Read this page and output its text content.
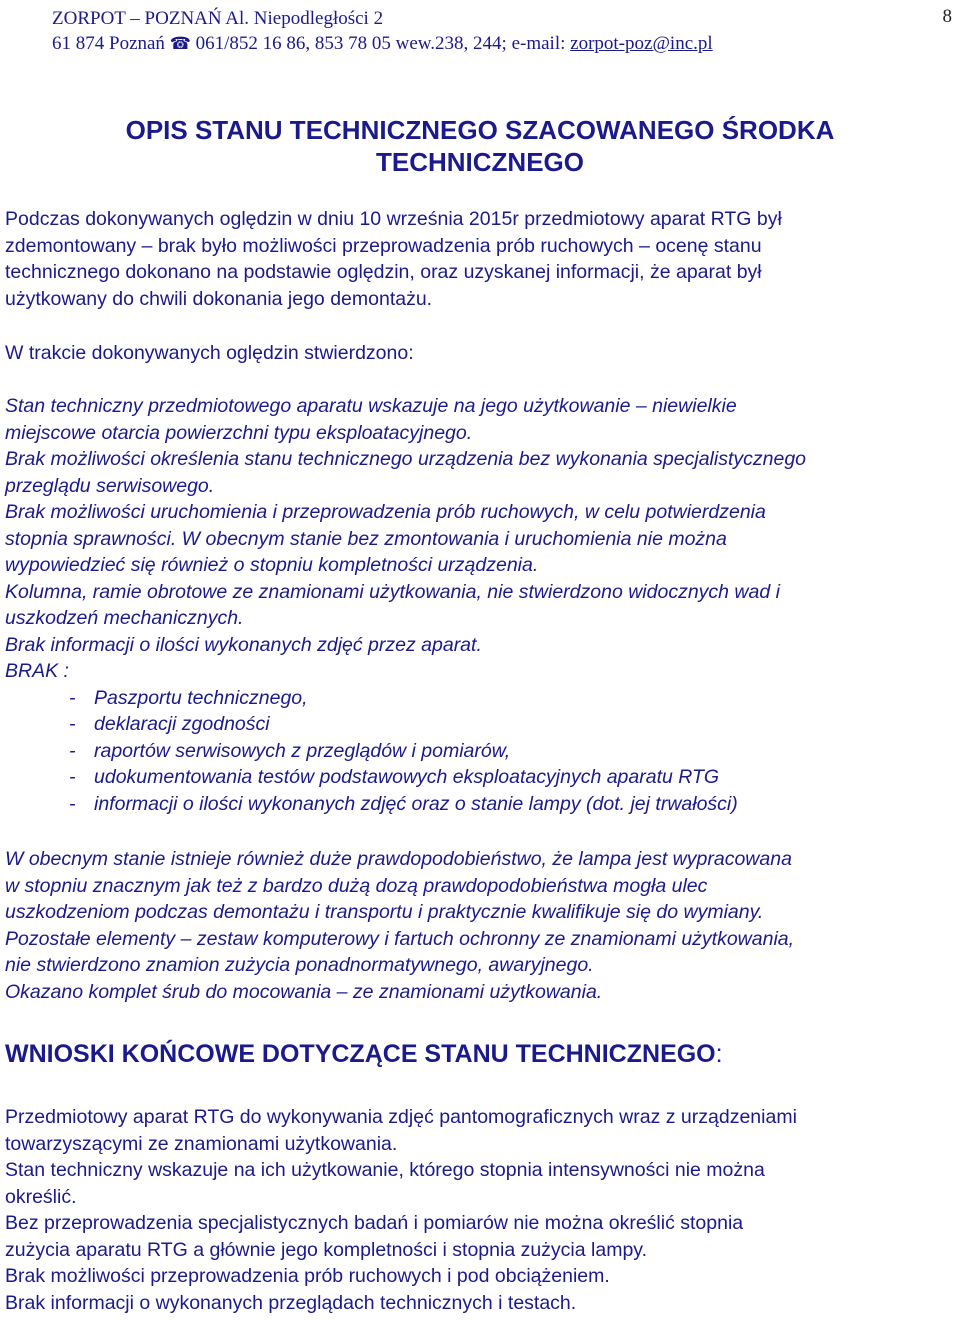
ZORPOT – POZNAŃ Al. Niepodległości 2
61 874 Poznań ☎ 061/852 16 86, 853 78 05 wew.238, 244; e-mail: zorpot-poz@inc.pl
8
OPIS STANU TECHNICZNEGO SZACOWANEGO ŚRODKA
TECHNICZNEGO
Podczas dokonywanych oględzin w dniu 10 września 2015r przedmiotowy aparat RTG był
zdemontowany – brak było możliwości przeprowadzenia prób ruchowych – ocenę stanu
technicznego dokonano na podstawie oględzin, oraz uzyskanej informacji, że aparat był
użytkowany do chwili dokonania jego demontażu.
W trakcie dokonywanych oględzin stwierdzono:
Stan techniczny przedmiotowego aparatu wskazuje na jego użytkowanie – niewielkie
miejscowe otarcia powierzchni typu eksploatacyjnego.
Brak możliwości określenia stanu technicznego urządzenia bez wykonania specjalistycznego
przeglądu serwisowego.
Brak możliwości uruchomienia i przeprowadzenia prób ruchowych, w celu potwierdzenia
stopnia sprawności. W obecnym stanie bez zmontowania i uruchomienia nie można
wypowiedzieć się również o stopniu kompletności urządzenia.
Kolumna, ramie obrotowe ze znamionami użytkowania, nie stwierdzono widocznych wad i
uszkodzeń mechanicznych.
Brak informacji o ilości wykonanych zdjęć przez aparat.
BRAK :
- Paszportu technicznego,
- deklaracji zgodności
- raportów serwisowych z przeglądów i pomiarów,
- udokumentowania testów podstawowych eksploatacyjnych aparatu RTG
- informacji o ilości wykonanych zdjęć oraz o stanie lampy (dot. jej trwałości)
W obecnym stanie istnieje również duże prawdopodobieństwo, że lampa jest wypracowana
w stopniu znacznym jak też z bardzo dużą dozą prawdopodobieństwa mogła ulec
uszkodzeniom podczas demontażu i transportu i praktycznie kwalifikuje się do wymiany.
Pozostałe elementy – zestaw komputerowy i fartuch ochronny ze znamionami użytkowania,
nie stwierdzono znamion zużycia ponadnormatywnego, awaryjnego.
Okazano komplet śrub do mocowania – ze znamionami użytkowania.
WNIOSKI KOŃCOWE DOTYCZĄCE STANU TECHNICZNEGO:
Przedmiotowy aparat RTG do wykonywania zdjęć pantomograficznych wraz z urządzeniami
towarzyszącymi ze znamionami użytkowania.
Stan techniczny wskazuje na ich użytkowanie, którego stopnia intensywności nie można
określić.
Bez przeprowadzenia specjalistycznych badań i pomiarów nie można określić stopnia
zużycia aparatu RTG a głównie jego kompletności i stopnia zużycia lampy.
Brak możliwości przeprowadzenia prób ruchowych i pod obciążeniem.
Brak informacji o wykonanych przeglądach technicznych i testach.
